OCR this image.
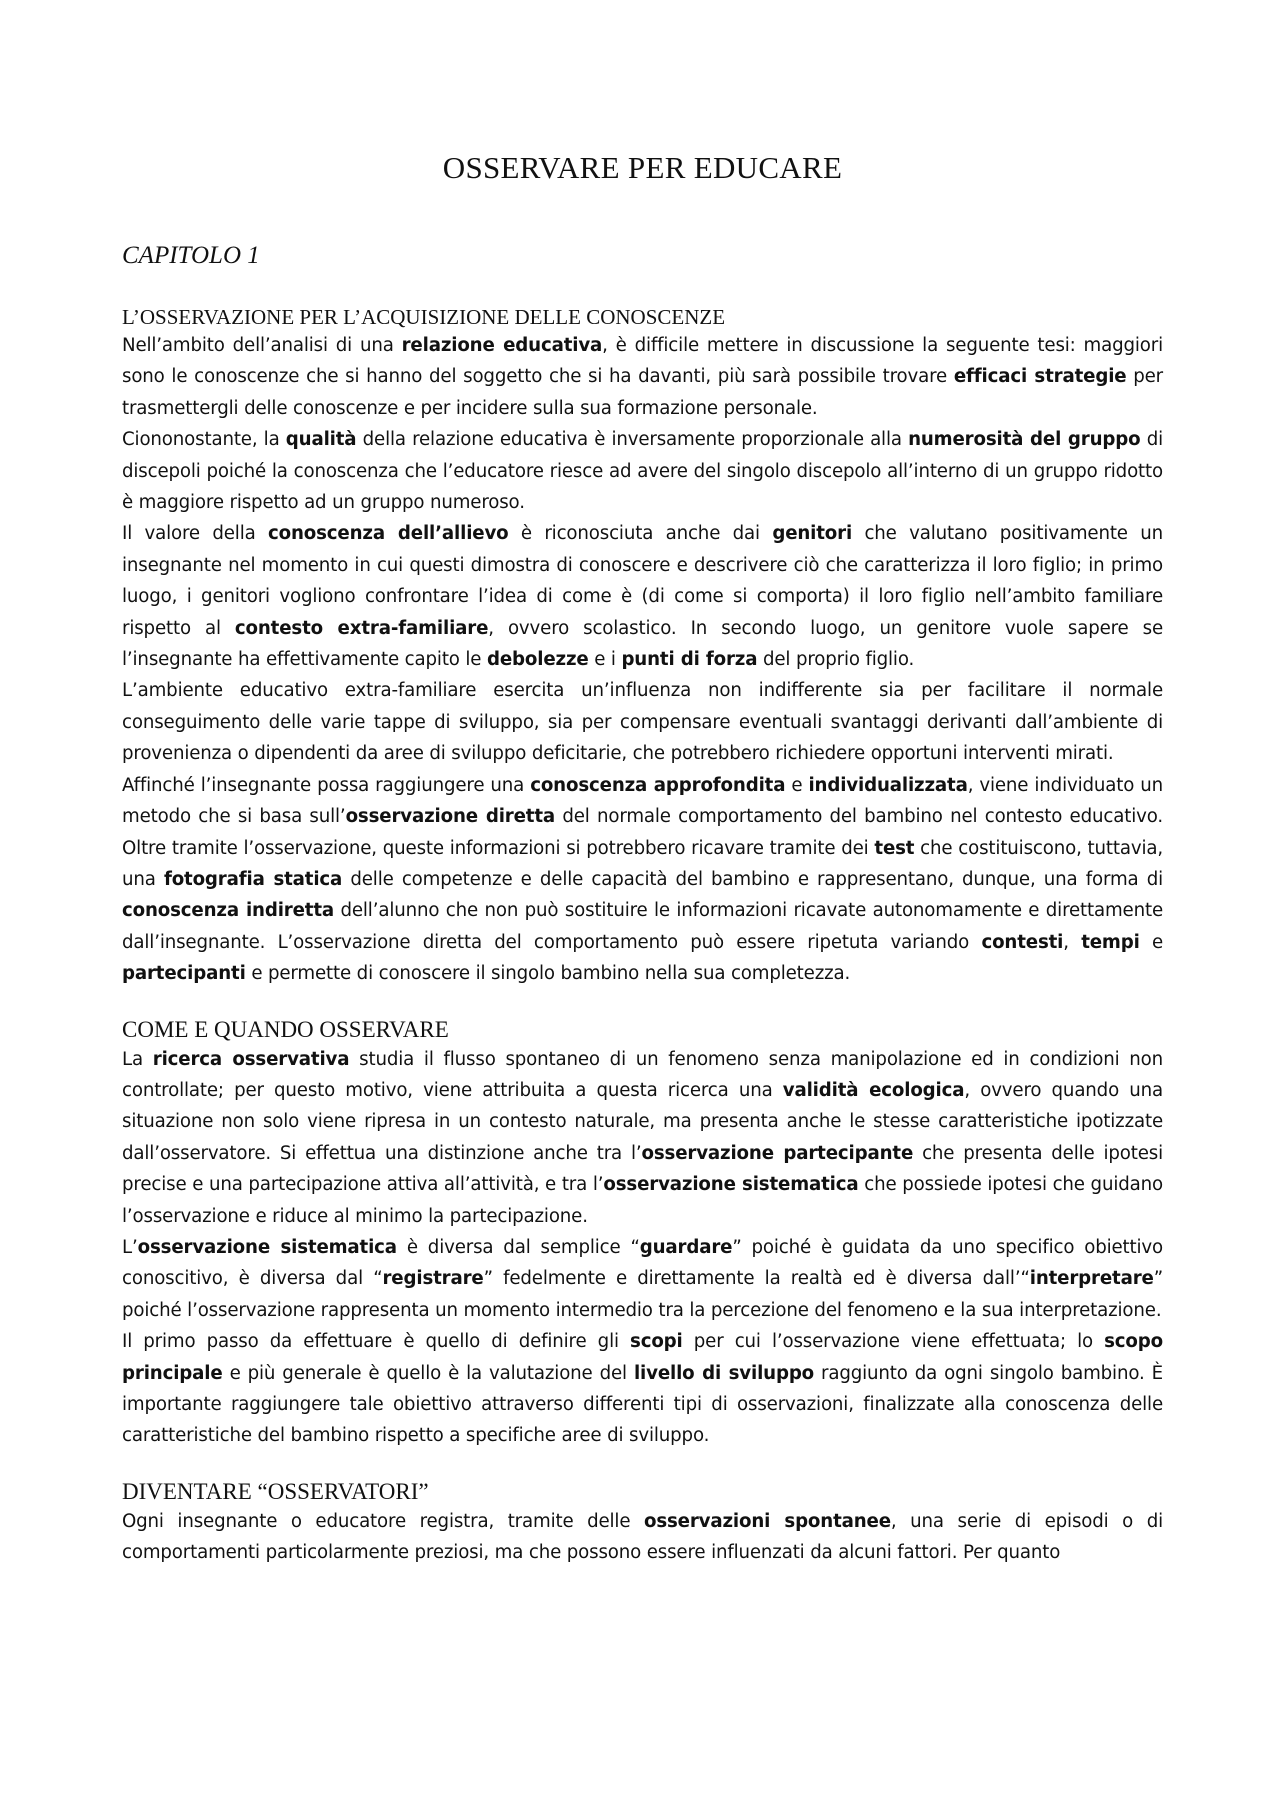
OSSERVARE PER EDUCARE
CAPITOLO 1
L’OSSERVAZIONE PER L’ACQUISIZIONE DELLE CONOSCENZE

Nell’ambito dell’analisi di una relazione educativa, è difficile mettere in discussione la seguente tesi: maggiori sono le conoscenze che si hanno del soggetto che si ha davanti, più sarà possibile trovare efficaci strategie per trasmettergli delle conoscenze e per incidere sulla sua formazione personale.

Ciononostante, la qualità della relazione educativa è inversamente proporzionale alla numerosità del gruppo di discepoli poiché la conoscenza che l’educatore riesce ad avere del singolo discepolo all’interno di un gruppo ridotto è maggiore rispetto ad un gruppo numeroso.

Il valore della conoscenza dell’allievo è riconosciuta anche dai genitori che valutano positivamente un insegnante nel momento in cui questi dimostra di conoscere e descrivere ciò che caratterizza il loro figlio; in primo luogo, i genitori vogliono confrontare l’idea di come è (di come si comporta) il loro figlio nell’ambito familiare rispetto al contesto extra-familiare, ovvero scolastico. In secondo luogo, un genitore vuole sapere se l’insegnante ha effettivamente capito le debolezze e i punti di forza del proprio figlio.

L’ambiente educativo extra-familiare esercita un’influenza non indifferente sia per facilitare il normale conseguimento delle varie tappe di sviluppo, sia per compensare eventuali svantaggi derivanti dall’ambiente di provenienza o dipendenti da aree di sviluppo deficitarie, che potrebbero richiedere opportuni interventi mirati.

Affinché l’insegnante possa raggiungere una conoscenza approfondita e individualizzata, viene individuato un metodo che si basa sull’osservazione diretta del normale comportamento del bambino nel contesto educativo. Oltre tramite l’osservazione, queste informazioni si potrebbero ricavare tramite dei test che costituiscono, tuttavia, una fotografia statica delle competenze e delle capacità del bambino e rappresentano, dunque, una forma di conoscenza indiretta dell’alunno che non può sostituire le informazioni ricavate autonomamente e direttamente dall’insegnante. L’osservazione diretta del comportamento può essere ripetuta variando contesti, tempi e partecipanti e permette di conoscere il singolo bambino nella sua completezza.

COME E QUANDO OSSERVARE

La ricerca osservativa studia il flusso spontaneo di un fenomeno senza manipolazione ed in condizioni non controllate; per questo motivo, viene attribuita a questa ricerca una validità ecologica, ovvero quando una situazione non solo viene ripresa in un contesto naturale, ma presenta anche le stesse caratteristiche ipotizzate dall’osservatore. Si effettua una distinzione anche tra l’osservazione partecipante che presenta delle ipotesi precise e una partecipazione attiva all’attività, e tra l’osservazione sistematica che possiede ipotesi che guidano l’osservazione e riduce al minimo la partecipazione.

L’osservazione sistematica è diversa dal semplice “guardare” poiché è guidata da uno specifico obiettivo conoscitivo, è diversa dal “registrare” fedelmente e direttamente la realtà ed è diversa dall’“interpretare” poiché l’osservazione rappresenta un momento intermedio tra la percezione del fenomeno e la sua interpretazione.

Il primo passo da effettuare è quello di definire gli scopi per cui l’osservazione viene effettuata; lo scopo principale e più generale è quello è la valutazione del livello di sviluppo raggiunto da ogni singolo bambino. È importante raggiungere tale obiettivo attraverso differenti tipi di osservazioni, finalizzate alla conoscenza delle caratteristiche del bambino rispetto a specifiche aree di sviluppo.

DIVENTARE “OSSERVATORI”

Ogni insegnante o educatore registra, tramite delle osservazioni spontanee, una serie di episodi o di comportamenti particolarmente preziosi, ma che possono essere influenzati da alcuni fattori. Per quanto
